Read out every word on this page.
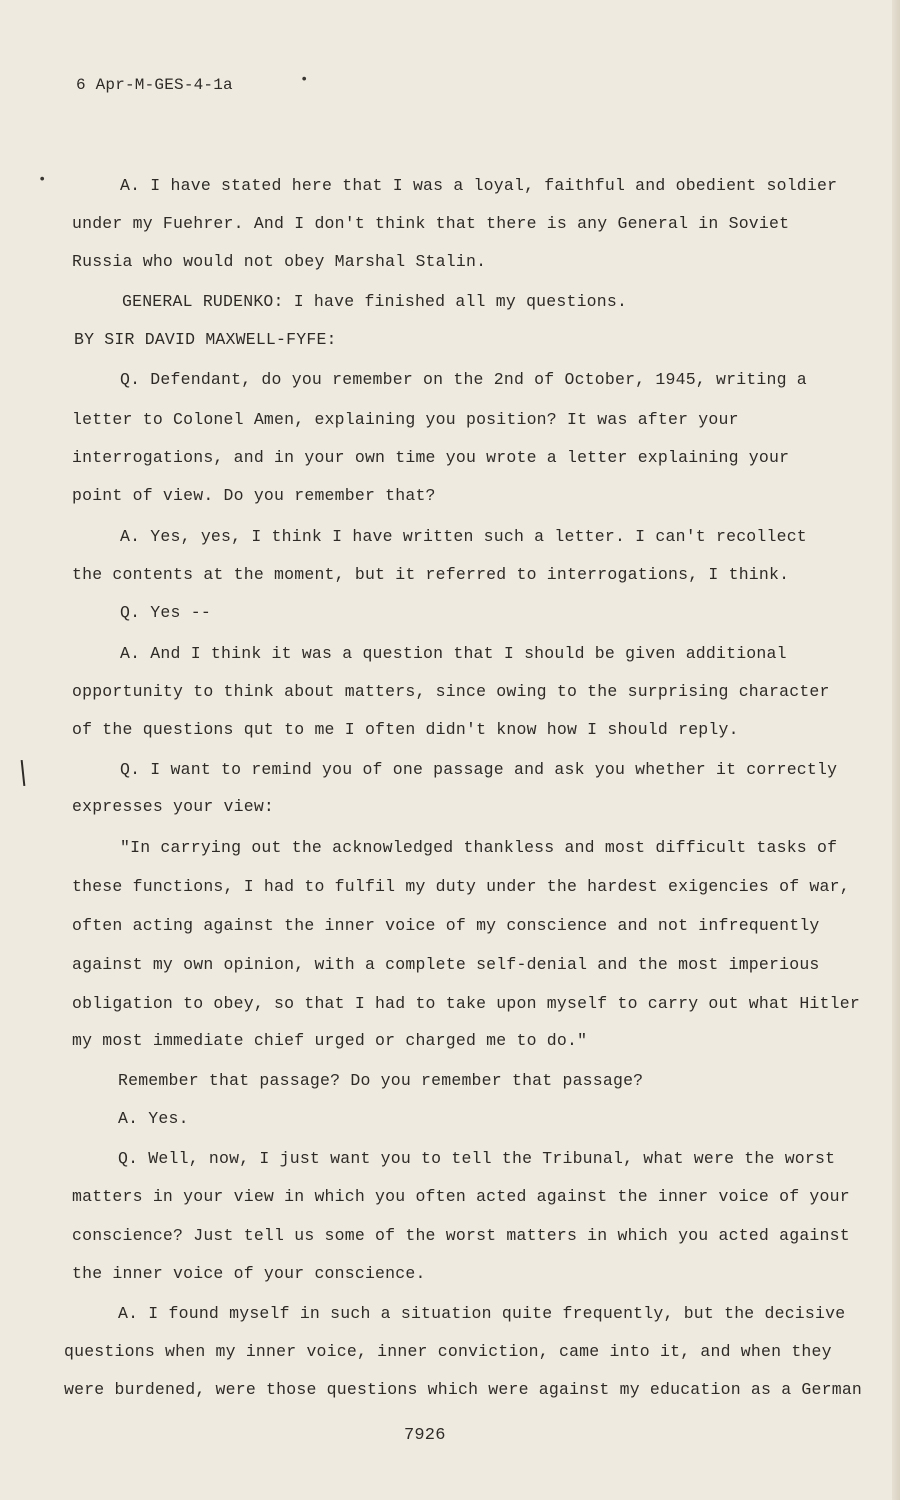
6 Apr-M-GES-4-1a	•
•	A. I have stated here that I was a loyal, faithful and obedient soldier
under my Fuehrer. And I don't think that there is any General in Soviet
Russia who would not obey Marshal Stalin.
GENERAL RUDENKO: I have finished all my questions.
BY SIR DAVID MAXWELL-FYFE:
Q. Defendant, do you remember on the 2nd of October, 1945, writing a
letter to Colonel Amen, explaining you position? It was after your
interrogations, and in your own time you wrote a letter explaining your
point of view. Do you remember that?
A. Yes, yes, I think I have written such a letter. I can't recollect
the contents at the moment, but it referred to interrogations, I think.
Q. Yes --
A. And I think it was a question that I should be given additional
opportunity to think about matters, since owing to the surprising character
of the questions qut to me I often didn't know how I should reply.
Q. I want to remind you of one passage and ask you whether it correctly
expresses your view:
"In carrying out the acknowledged thankless and most difficult tasks of
these functions, I had to fulfil my duty under the hardest exigencies of war,
often acting against the inner voice of my conscience and not infrequently
against my own opinion, with a complete self-denial and the most imperious
obligation to obey, so that I had to take upon myself to carry out what Hitler
my most immediate chief urged or charged me to do."
Remember that passage? Do you remember that passage?
A. Yes.
Q. Well, now, I just want you to tell the Tribunal, what were the worst
matters in your view in which you often acted against the inner voice of your
conscience? Just tell us some of the worst matters in which you acted against
the inner voice of your conscience.
A. I found myself in such a situation quite frequently, but the decisive
questions when my inner voice, inner conviction, came into it, and when they
were burdened, were those questions which were against my education as a German
7926
